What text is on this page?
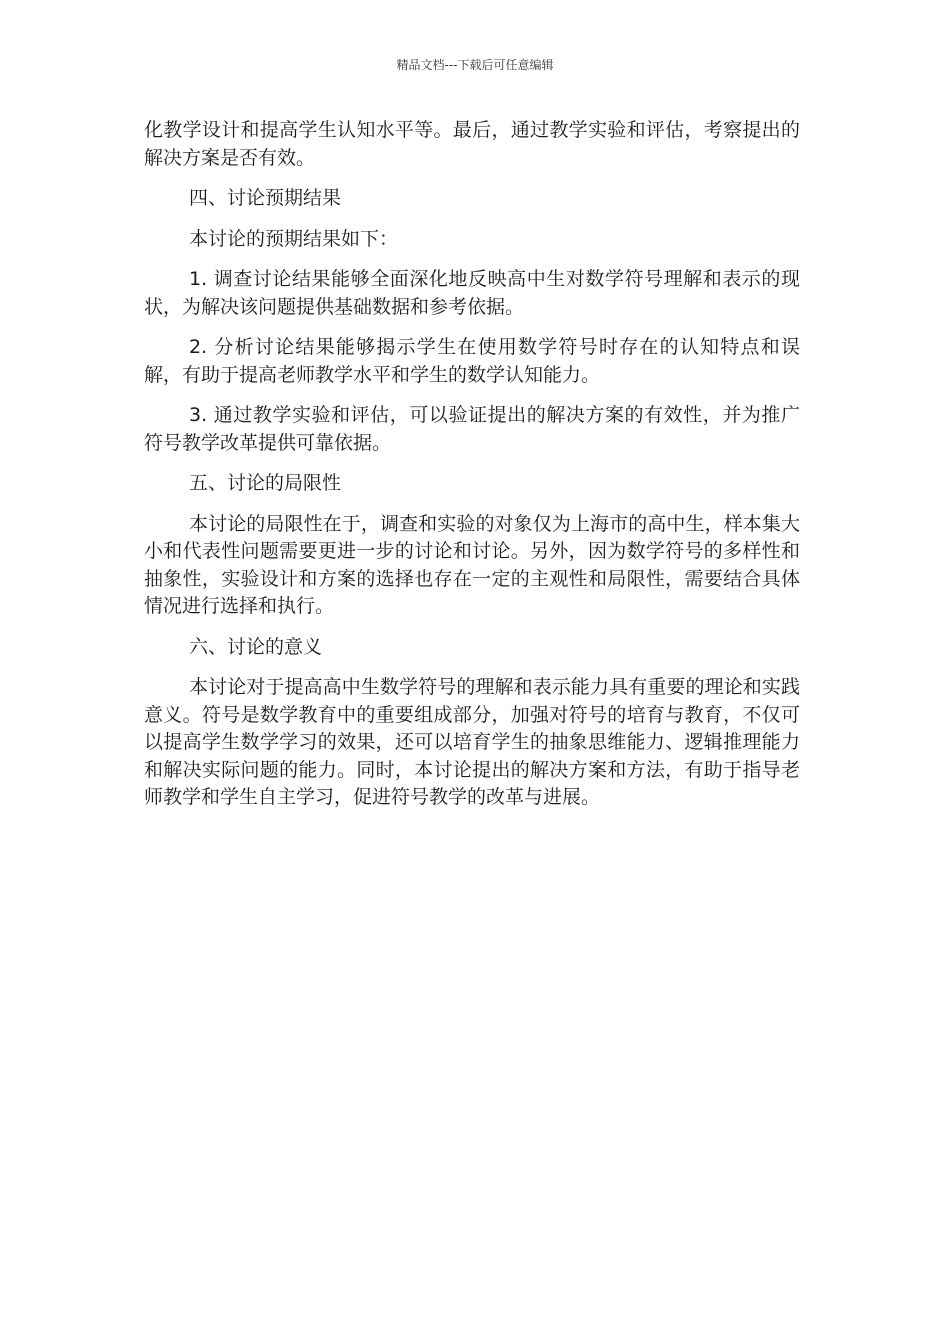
精品文档---下载后可任意编辑

化教学设计和提高学生认知水平等。最后，通过教学实验和评估，考察提出的解决方案是否有效。

四、讨论预期结果

本讨论的预期结果如下：

1. 调查讨论结果能够全面深化地反映高中生对数学符号理解和表示的现状，为解决该问题提供基础数据和参考依据。

2. 分析讨论结果能够揭示学生在使用数学符号时存在的认知特点和误解，有助于提高老师教学水平和学生的数学认知能力。

3. 通过教学实验和评估，可以验证提出的解决方案的有效性，并为推广符号教学改革提供可靠依据。

五、讨论的局限性

本讨论的局限性在于，调查和实验的对象仅为上海市的高中生，样本集大小和代表性问题需要更进一步的讨论和讨论。另外，因为数学符号的多样性和抽象性，实验设计和方案的选择也存在一定的主观性和局限性，需要结合具体情况进行选择和执行。

六、讨论的意义

本讨论对于提高高中生数学符号的理解和表示能力具有重要的理论和实践意义。符号是数学教育中的重要组成部分，加强对符号的培育与教育，不仅可以提高学生数学学习的效果，还可以培育学生的抽象思维能力、逻辑推理能力和解决实际问题的能力。同时，本讨论提出的解决方案和方法，有助于指导老师教学和学生自主学习，促进符号教学的改革与进展。
